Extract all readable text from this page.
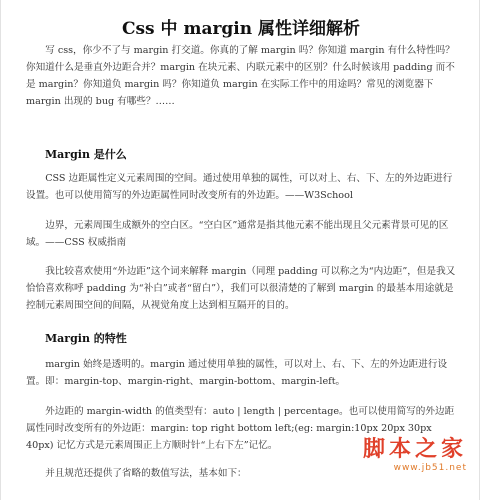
Css 中 margin 属性详细解析

写 css，你少不了与 margin 打交道。你真的了解 margin 吗？你知道 margin 有什么特性吗？你知道什么是垂直外边距合并？margin 在块元素、内联元素中的区别？什么时候该用 padding 而不是 margin？你知道负 margin 吗？你知道负 margin 在实际工作中的用途吗？常见的浏览器下 margin 出现的 bug 有哪些？……

Margin 是什么

CSS 边距属性定义元素周围的空间。通过使用单独的属性，可以对上、右、下、左的外边距进行设置。也可以使用简写的外边距属性同时改变所有的外边距。——W3School

边界，元素周围生成额外的空白区。“空白区”通常是指其他元素不能出现且父元素背景可见的区域。——CSS 权威指南

我比较喜欢使用“外边距”这个词来解释 margin（同理 padding 可以称之为“内边距”，但是我又恰恰喜欢称呼 padding 为“补白”或者“留白”），我们可以很清楚的了解到 margin 的最基本用途就是控制元素周围空间的间隔，从视觉角度上达到相互隔开的目的。

Margin 的特性

margin 始终是透明的。margin 通过使用单独的属性，可以对上、右、下、左的外边距进行设置。即：margin-top、margin-right、margin-bottom、margin-left。

外边距的 margin-width 的值类型有：auto | length | percentage。也可以使用简写的外边距属性同时改变所有的外边距：margin: top right bottom left;(eg: margin:10px 20px 30px 40px) 记忆方式是元素周围正上方顺时针“上右下左”记忆。

并且规范还提供了省略的数值写法，基本如下：

脚本之家
www.jb51.net
